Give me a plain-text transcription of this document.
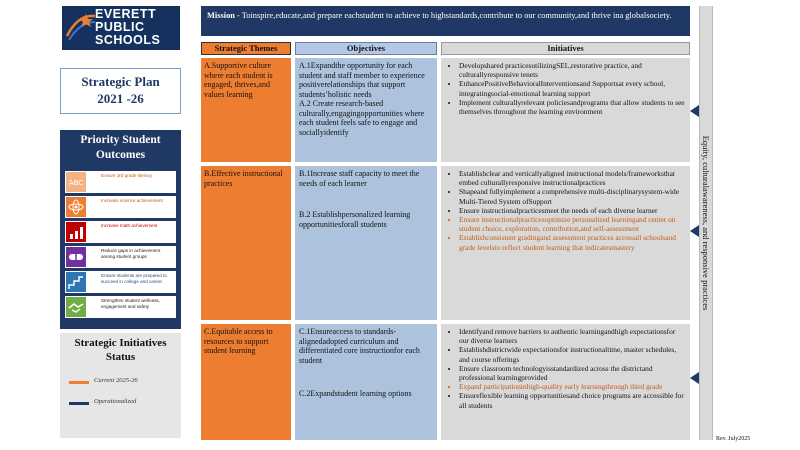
EVERETT
PUBLIC
SCHOOLS
Strategic Plan
2021 -26
Priority Student Outcomes
ABC
Ensure 3rd grade literacy
Increase science achievement
Increase math achievement
Reduce gaps in achievement among student groups
Ensure students are prepared to succeed in college and career
Strengthen student wellness, engagement and safety
Strategic Initiatives Status
Current 2025-26
Operationalized
Mission - Toinspire,educate,and prepare eachstudent to achieve to highstandards,contribute to our community,and thrive ina globalsociety.
Strategic Themes	Objectives	Initiatives
A.Supportive culture where each student is engaged, thrives,and values learning

A.1Expandthe opportunity for each student and staff member to experience positiverelationships that support students’holistic needs

A.2 Create research-based culturally,engagingopportunities where each student feels safe to engage and sociallyidentify

• Developshared practicesutilizingSEL,restorative practice, and culturallyresponsive tenets
• EnhancePositiveBehavioralInterventionsand Supportsat every school, integratingsocial-emotional learning support
• Implement culturallyrelevant policiesandprograms that allow students to see themselves throughout the learning environment
B.Effective instructional practices

B.1Increase staff capacity to meet the needs of each learner

B.2 Establishpersonalized learning opportunitiesforall students

• Establishclear and verticallyaligned instructional models/frameworksthat embed culturallyresponsive instructionalpractices
• Shapeand fullyimplement a comprehensive multi-disciplinarysystem-wide Multi-Tiered System ofSupport
• Ensure instructionalpracticesmeet the needs of each diverse learner
• Ensure instructionalpracticesoptimize personalized learningand center on student choice, exploration, contribution,and self-assessment
• Establishconsistent gradingand assessment practices acrossall schoolsand grade levelsto reflect student learning that indicatesmastery
C.Equitable access to resources to support student learning

C.1Ensureaccess to standards-alignedadopted curriculum and differentiated core instructionfor each student

C.2Expandstudent learning options

• Identifyand remove barriers to authentic learningandhigh expectationsfor our diverse learners
• Establishdistrictwide expectationsfor instructionaltime, master schedules, and course offerings
• Ensure classroom technologyisstandardized across the districtand professional learningprovided
• Expand participationinhigh-quality early learningthrough third grade
• Ensureflexible learning opportunitiesand choice programs are accessible for all students
Equity, culturalawareness, and responsive practices
Rev. July2025
